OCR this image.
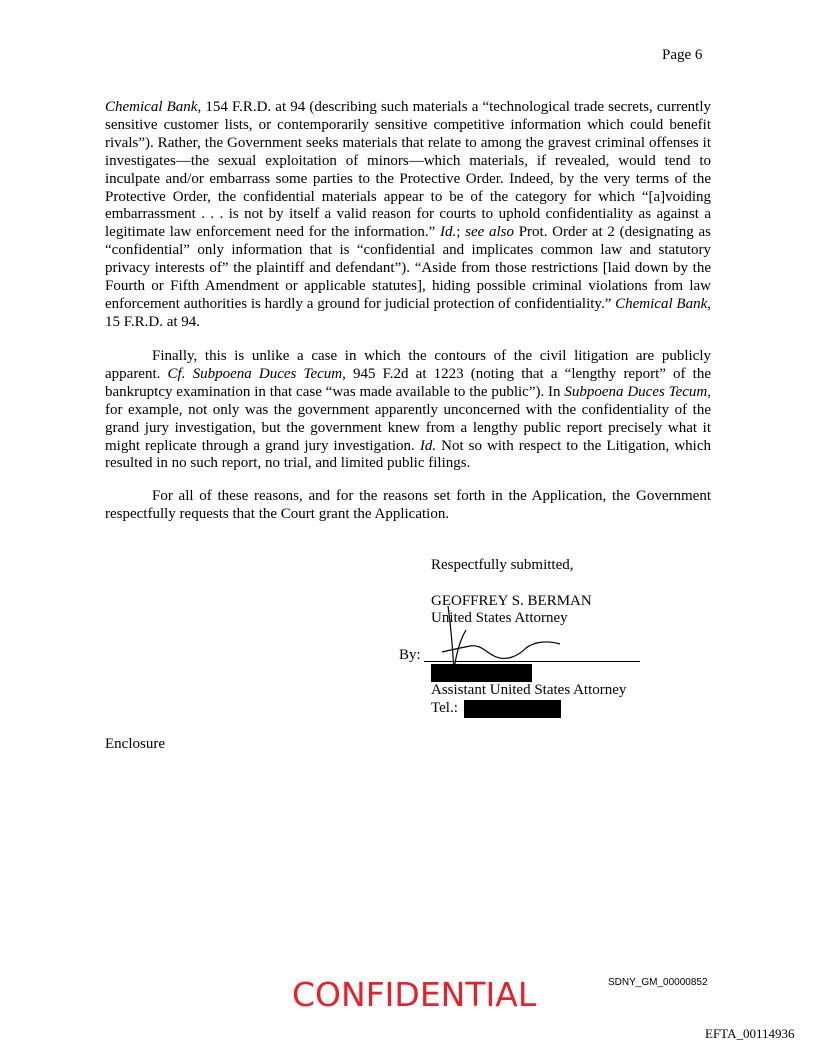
Page 6

Chemical Bank, 154 F.R.D. at 94 (describing such materials a “technological trade secrets, currently sensitive customer lists, or contemporarily sensitive competitive information which could benefit rivals”). Rather, the Government seeks materials that relate to among the gravest criminal offenses it investigates—the sexual exploitation of minors—which materials, if revealed, would tend to inculpate and/or embarrass some parties to the Protective Order. Indeed, by the very terms of the Protective Order, the confidential materials appear to be of the category for which “[a]voiding embarrassment . . . is not by itself a valid reason for courts to uphold confidentiality as against a legitimate law enforcement need for the information.” Id.; see also Prot. Order at 2 (designating as “confidential” only information that is “confidential and implicates common law and statutory privacy interests of” the plaintiff and defendant”). “Aside from those restrictions [laid down by the Fourth or Fifth Amendment or applicable statutes], hiding possible criminal violations from law enforcement authorities is hardly a ground for judicial protection of confidentiality.” Chemical Bank, 15 F.R.D. at 94.

Finally, this is unlike a case in which the contours of the civil litigation are publicly apparent. Cf. Subpoena Duces Tecum, 945 F.2d at 1223 (noting that a “lengthy report” of the bankruptcy examination in that case “was made available to the public”). In Subpoena Duces Tecum, for example, not only was the government apparently unconcerned with the confidentiality of the grand jury investigation, but the government knew from a lengthy public report precisely what it might replicate through a grand jury investigation. Id. Not so with respect to the Litigation, which resulted in no such report, no trial, and limited public filings.

For all of these reasons, and for the reasons set forth in the Application, the Government respectfully requests that the Court grant the Application.

Respectfully submitted,
GEOFFREY S. BERMAN
United States Attorney
By:
Assistant United States Attorney
Tel.:
Enclosure
CONFIDENTIAL	SDNY_GM_00000852
EFTA_00114936
